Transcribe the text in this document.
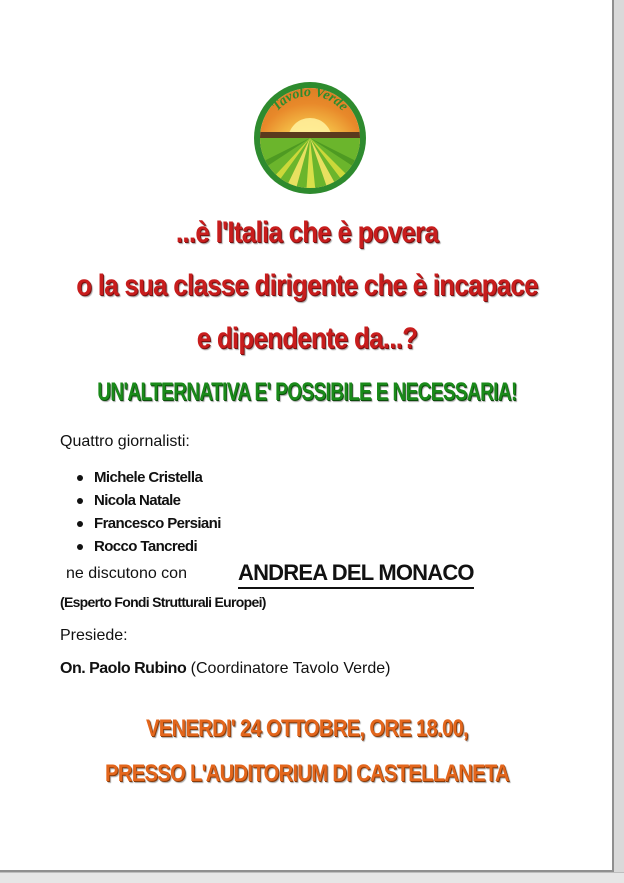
Tavolo Verde
...è l'Italia che è povera
o la sua classe dirigente che è incapace
e dipendente da...?
UN'ALTERNATIVA E' POSSIBILE E NECESSARIA!
Quattro giornalisti:
Michele Cristella
Nicola Natale
Francesco Persiani
Rocco Tancredi
ne discutono con ANDREA DEL MONACO
(Esperto Fondi Strutturali Europei)
Presiede:
On. Paolo Rubino (Coordinatore Tavolo Verde)
VENERDI' 24 OTTOBRE, ORE 18.00,
PRESSO L'AUDITORIUM DI CASTELLANETA
